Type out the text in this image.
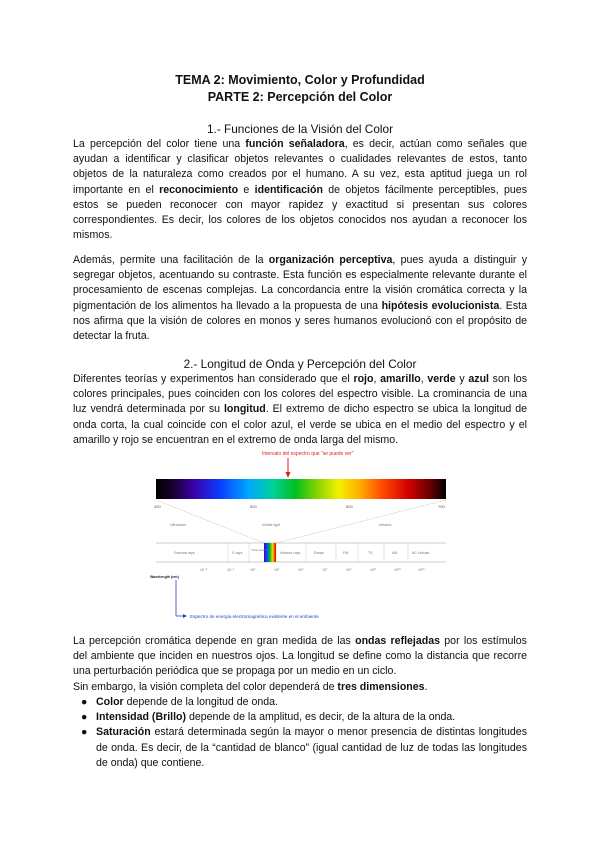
TEMA 2: Movimiento, Color y Profundidad
PARTE 2: Percepción del Color
1.- Funciones de la Visión del Color

La percepción del color tiene una función señaladora, es decir, actúan como señales que ayudan a identificar y clasificar objetos relevantes o cualidades relevantes de estos, tanto objetos de la naturaleza como creados por el humano. A su vez, esta aptitud juega un rol importante en el reconocimiento e identificación de objetos fácilmente perceptibles, pues estos se pueden reconocer con mayor rapidez y exactitud si presentan sus colores correspondientes. Es decir, los colores de los objetos conocidos nos ayudan a reconocer los mismos.

Además, permite una facilitación de la organización perceptiva, pues ayuda a distinguir y segregar objetos, acentuando su contraste. Esta función es especialmente relevante durante el procesamiento de escenas complejas. La concordancia entre la visión cromática correcta y la pigmentación de los alimentos ha llevado a la propuesta de una hipótesis evolucionista. Esta nos afirma que la visión de colores en monos y seres humanos evolucionó con el propósito de detectar la fruta.

2.- Longitud de Onda y Percepción del Color

Diferentes teorías y experimentos han considerado que el rojo, amarillo, verde y azul son los colores principales, pues coinciden con los colores del espectro visible. La crominancia de una luz vendrá determinada por su longitud. El extremo de dicho espectro se ubica la longitud de onda corta, la cual coincide con el color azul, el verde se ubica en el medio del espectro y el amarillo y rojo se encuentran en el extremo de onda larga del mismo.

Intervalo del espectro que "se puede ver"
400	500	600	700
Ultraviolet	Visible light	Infrared
Gamma rays	X-rays
Ultra-violet rays
Infrared rays	Radar	FM	TV	AM	AC circuits
10⁻³	10⁻¹	10¹	10³	10⁵	10⁷	10⁹	10¹¹	10¹³	10¹⁵
Wavelength (nm)
Espectro de energía electromagnética existente en el ambiente

La percepción cromática depende en gran medida de las ondas reflejadas por los estímulos del ambiente que inciden en nuestros ojos. La longitud se define como la distancia que recorre una perturbación periódica que se propaga por un medio en un ciclo.

Sin embargo, la visión completa del color dependerá de tres dimensiones.

● Color depende de la longitud de onda.
● Intensidad (Brillo) depende de la amplitud, es decir, de la altura de la onda.
● Saturación estará determinada según la mayor o menor presencia de distintas longitudes de onda. Es decir, de la “cantidad de blanco” (igual cantidad de luz de todas las longitudes de onda) que contiene.
